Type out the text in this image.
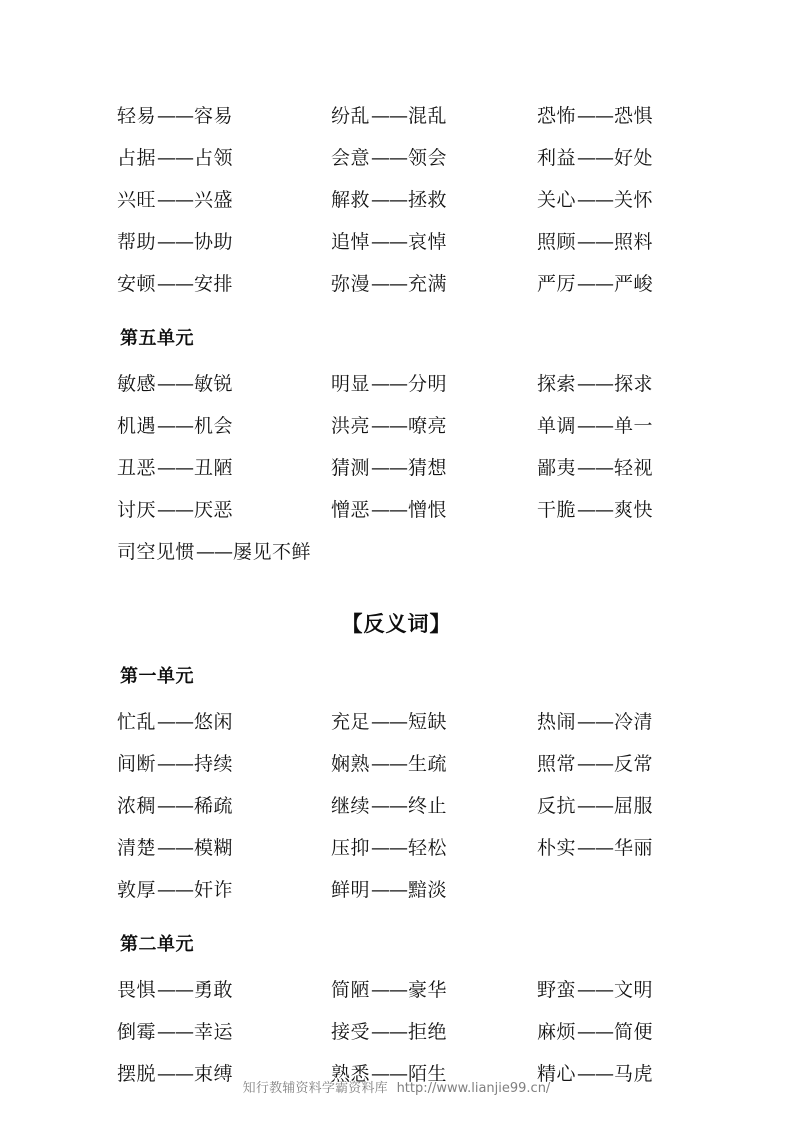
轻易——容易	纷乱——混乱	恐怖——恐惧
占据——占领	会意——领会	利益——好处
兴旺——兴盛	解救——拯救	关心——关怀
帮助——协助	追悼——哀悼	照顾——照料
安顿——安排	弥漫——充满	严厉——严峻
第五单元
敏感——敏锐	明显——分明	探索——探求
机遇——机会	洪亮——嘹亮	单调——单一
丑恶——丑陋	猜测——猜想	鄙夷——轻视
讨厌——厌恶	憎恶——憎恨	干脆——爽快
司空见惯——屡见不鲜
【反义词】
第一单元
忙乱——悠闲	充足——短缺	热闹——冷清
间断——持续	娴熟——生疏	照常——反常
浓稠——稀疏	继续——终止	反抗——屈服
清楚——模糊	压抑——轻松	朴实——华丽
敦厚——奸诈	鲜明——黯淡
第二单元
畏惧——勇敢	简陋——豪华	野蛮——文明
倒霉——幸运	接受——拒绝	麻烦——简便
摆脱——束缚	熟悉——陌生	精心——马虎
知行教辅资料学霸资料库 http://www.lianjie99.cn/
